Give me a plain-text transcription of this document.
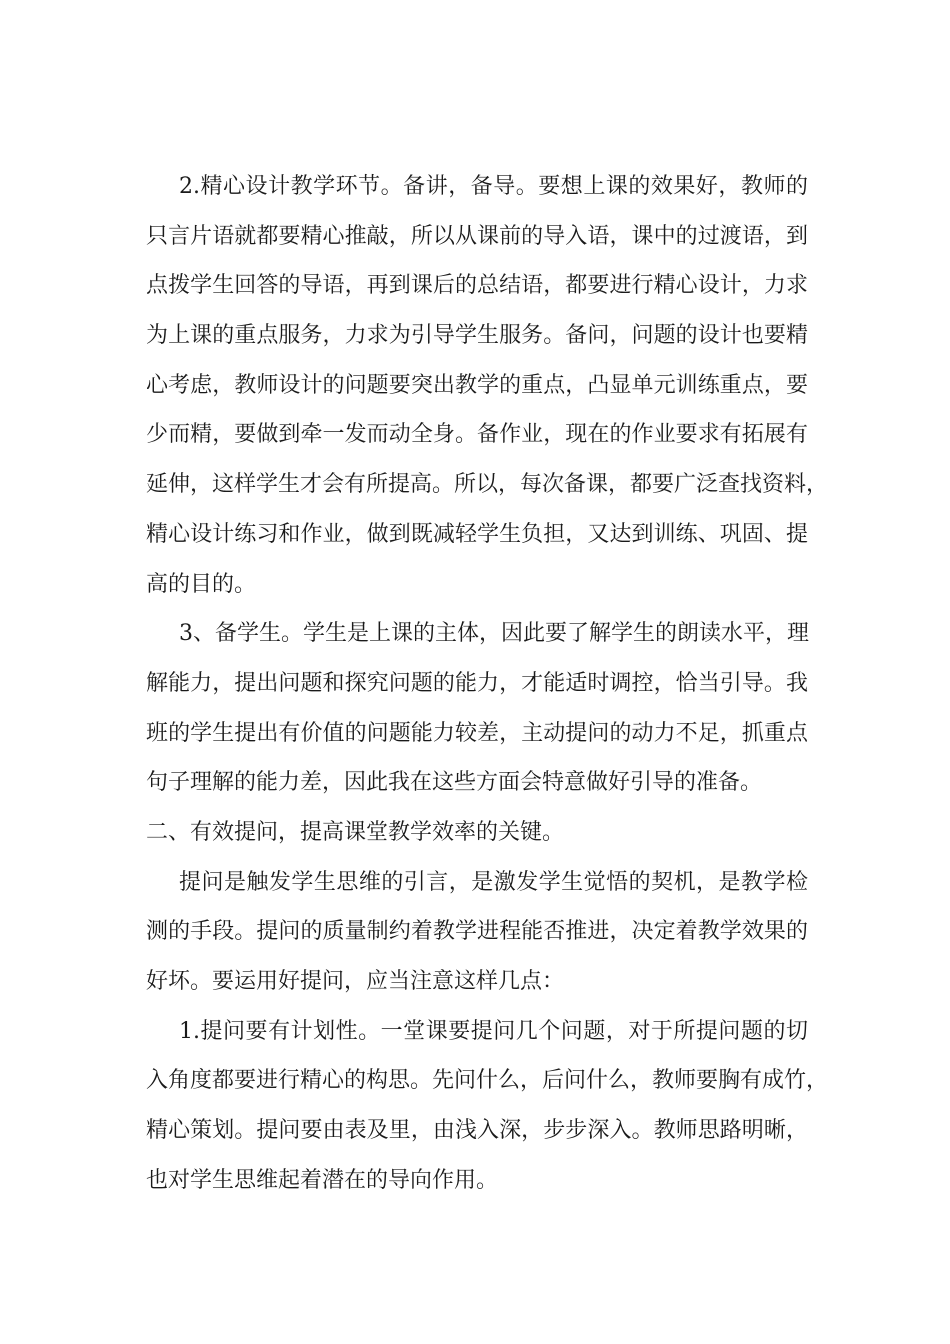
2.精心设计教学环节。备讲，备导。要想上课的效果好，教师的
只言片语就都要精心推敲，所以从课前的导入语，课中的过渡语，到
点拨学生回答的导语，再到课后的总结语，都要进行精心设计，力求
为上课的重点服务，力求为引导学生服务。备问，问题的设计也要精
心考虑，教师设计的问题要突出教学的重点，凸显单元训练重点，要
少而精，要做到牵一发而动全身。备作业，现在的作业要求有拓展有
延伸，这样学生才会有所提高。所以，每次备课，都要广泛查找资料，
精心设计练习和作业，做到既减轻学生负担，又达到训练、巩固、提
高的目的。
3、备学生。学生是上课的主体，因此要了解学生的朗读水平，理
解能力，提出问题和探究问题的能力，才能适时调控，恰当引导。我
班的学生提出有价值的问题能力较差，主动提问的动力不足，抓重点
句子理解的能力差，因此我在这些方面会特意做好引导的准备。
二、有效提问，提高课堂教学效率的关键。
提问是触发学生思维的引言，是激发学生觉悟的契机，是教学检
测的手段。提问的质量制约着教学进程能否推进，决定着教学效果的
好坏。要运用好提问，应当注意这样几点：
1.提问要有计划性。一堂课要提问几个问题，对于所提问题的切
入角度都要进行精心的构思。先问什么，后问什么，教师要胸有成竹，
精心策划。提问要由表及里，由浅入深，步步深入。教师思路明晰，
也对学生思维起着潜在的导向作用。
